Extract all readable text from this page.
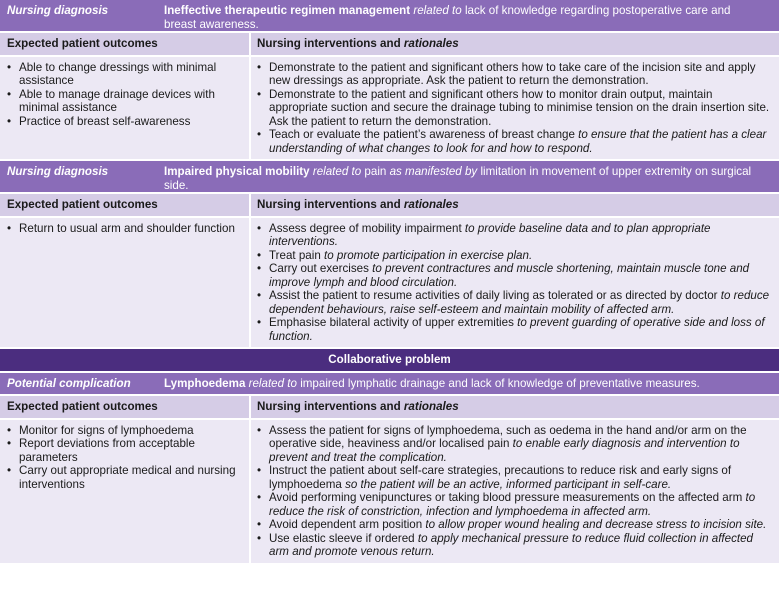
Nursing diagnosis	Ineffective therapeutic regimen management related to lack of knowledge regarding postoperative care and breast awareness.
Expected patient outcomes	Nursing interventions and rationales
• Able to change dressings with minimal assistance
• Able to manage drainage devices with minimal assistance
• Practice of breast self-awareness
• Demonstrate to the patient and significant others how to take care of the incision site and apply new dressings as appropriate. Ask the patient to return the demonstration.
• Demonstrate to the patient and significant others how to monitor drain output, maintain appropriate suction and secure the drainage tubing to minimise tension on the drain insertion site. Ask the patient to return the demonstration.
• Teach or evaluate the patient’s awareness of breast change to ensure that the patient has a clear understanding of what changes to look for and how to respond.
Nursing diagnosis	Impaired physical mobility related to pain as manifested by limitation in movement of upper extremity on surgical side.
Expected patient outcomes	Nursing interventions and rationales
• Return to usual arm and shoulder function
•	Assess degree of mobility impairment to provide baseline data and to plan appropriate interventions.
• Treat pain to promote participation in exercise plan.
• Carry out exercises to prevent contractures and muscle shortening, maintain muscle tone and improve lymph and blood circulation.
• Assist the patient to resume activities of daily living as tolerated or as directed by doctor to reduce dependent behaviours, raise self-esteem and maintain mobility of affected arm.
• Emphasise bilateral activity of upper extremities to prevent guarding of operative side and loss of function.
Collaborative problem
Potential complication	Lymphoedema related to impaired lymphatic drainage and lack of knowledge of preventative measures.
Expected patient outcomes	Nursing interventions and rationales
• Monitor for signs of lymphoedema
• Report deviations from acceptable parameters
• Carry out appropriate medical and nursing interventions
• Assess the patient for signs of lymphoedema, such as oedema in the hand and/or arm on the operative side, heaviness and/or localised pain to enable early diagnosis and intervention to prevent and treat the complication.
• Instruct the patient about self-care strategies, precautions to reduce risk and early signs of lymphoedema so the patient will be an active, informed participant in self-care.
• Avoid performing venipunctures or taking blood pressure measurements on the affected arm to reduce the risk of constriction, infection and lymphoedema in affected arm.
• Avoid dependent arm position to allow proper wound healing and decrease stress to incision site.
• Use elastic sleeve if ordered to apply mechanical pressure to reduce fluid collection in affected arm and promote venous return.
